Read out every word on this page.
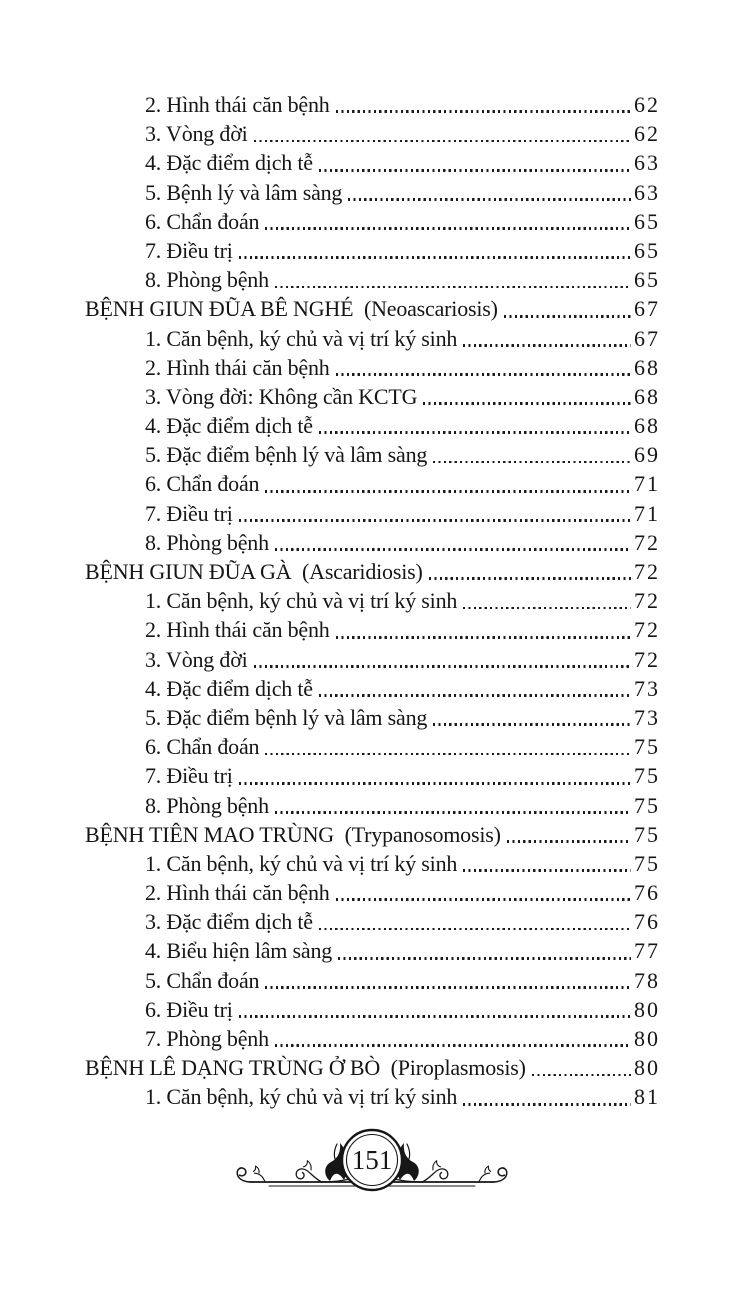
2. Hình thái căn bệnh	62
3. Vòng đời	62
4. Đặc điểm dịch tễ	63
5. Bệnh lý và lâm sàng	63
6. Chẩn đoán	65
7. Điều trị	65
8. Phòng bệnh	65
BỆNH GIUN ĐŨA BÊ NGHÉ  (Neoascariosis)	67
1. Căn bệnh, ký chủ và vị trí ký sinh	67
2. Hình thái căn bệnh	68
3. Vòng đời: Không cần KCTG	68
4. Đặc điểm dịch tễ	68
5. Đặc điểm bệnh lý và lâm sàng	69
6. Chẩn đoán	71
7. Điều trị	71
8. Phòng bệnh	72
BỆNH GIUN ĐŨA GÀ  (Ascaridiosis)	72
1. Căn bệnh, ký chủ và vị trí ký sinh	72
2. Hình thái căn bệnh	72
3. Vòng đời	72
4. Đặc điểm dịch tễ	73
5. Đặc điểm bệnh lý và lâm sàng	73
6. Chẩn đoán	75
7. Điều trị	75
8. Phòng bệnh	75
BỆNH TIÊN MAO TRÙNG  (Trypanosomosis)	75
1. Căn bệnh, ký chủ và vị trí ký sinh	75
2. Hình thái căn bệnh	76
3. Đặc điểm dịch tễ	76
4. Biểu hiện lâm sàng	77
5. Chẩn đoán	78
6. Điều trị	80
7. Phòng bệnh	80
BỆNH LÊ DẠNG TRÙNG Ở BÒ  (Piroplasmosis)	80
1. Căn bệnh, ký chủ và vị trí ký sinh	81
151
